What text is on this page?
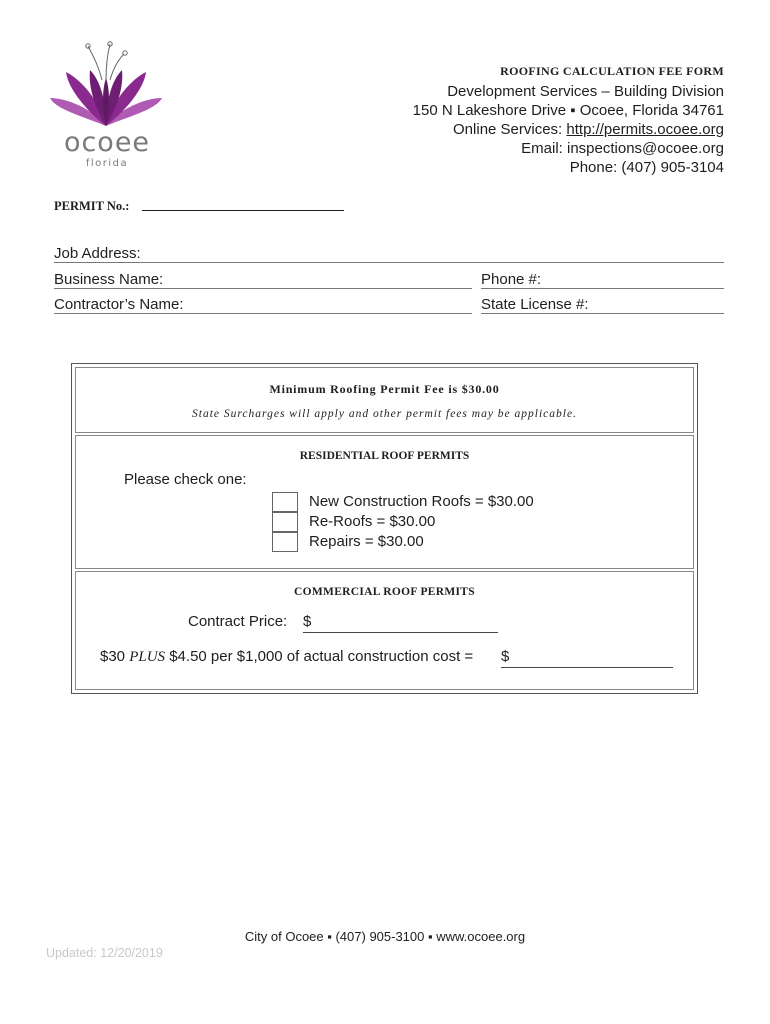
ocoee
florida
ROOFING CALCULATION FEE FORM
Development Services – Building Division
150 N Lakeshore Drive ▪ Ocoee, Florida 34761
Online Services: http://permits.ocoee.org
Email: inspections@ocoee.org
Phone: (407) 905-3104
PERMIT No.:
Job Address:
Business Name:	Phone #:
Contractor’s Name:	State License #:
Minimum Roofing Permit Fee is $30.00
State Surcharges will apply and other permit fees may be applicable.
RESIDENTIAL ROOF PERMITS
Please check one:
New Construction Roofs = $30.00
Re-Roofs = $30.00
Repairs = $30.00
COMMERCIAL ROOF PERMITS
Contract Price: $
$30 PLUS $4.50 per $1,000 of actual construction cost = $
City of Ocoee ▪ (407) 905-3100 ▪ www.ocoee.org
Updated: 12/20/2019
